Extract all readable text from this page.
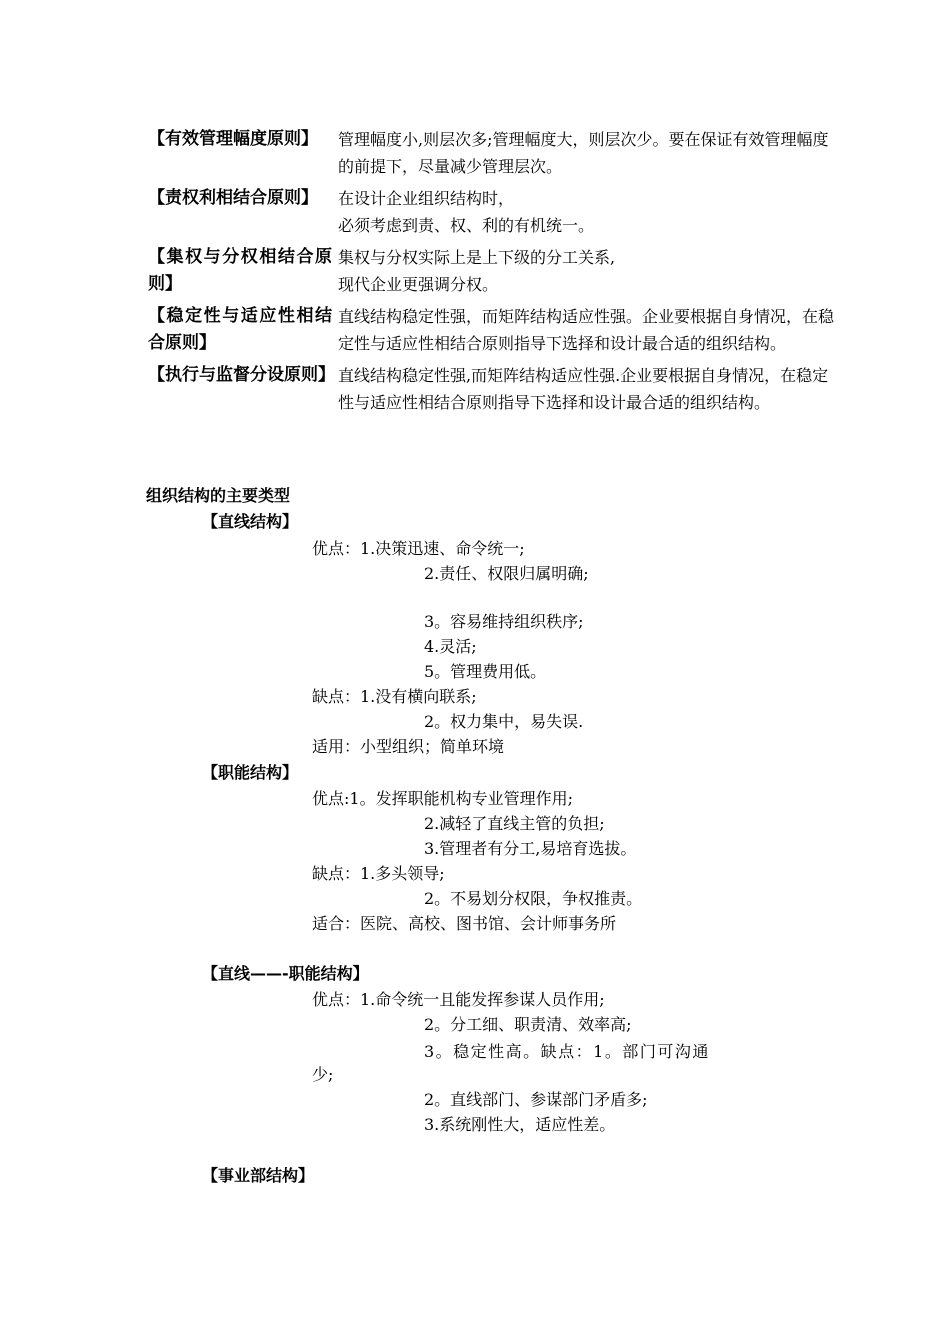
【有效管理幅度原则】	管理幅度小,则层次多;管理幅度大，则层次少。要在保证有效管理幅度的前提下，尽量减少管理层次。
【责权利相结合原则】	在设计企业组织结构时，
必须考虑到责、权、利的有机统一。
【集权与分权相结合原则】
集权与分权实际上是上下级的分工关系,
现代企业更强调分权。
【稳定性与适应性相结合原则】
直线结构稳定性强，而矩阵结构适应性强。企业要根据自身情况，在稳定性与适应性相结合原则指导下选择和设计最合适的组织结构。
【执行与监督分设原则】 直线结构稳定性强,而矩阵结构适应性强.企业要根据自身情况，在稳定性与适应性相结合原则指导下选择和设计最合适的组织结构。
组织结构的主要类型
【直线结构】
优点：1.决策迅速、命令统一;
2.责任、权限归属明确;
3。容易维持组织秩序;
4.灵活;
5。管理费用低。
缺点：1.没有横向联系;
2。权力集中，易失误.
适用：小型组织；简单环境
【职能结构】
优点:1。发挥职能机构专业管理作用;
2.减轻了直线主管的负担;
3.管理者有分工,易培育选拔。
缺点：1.多头领导;
2。不易划分权限，争权推责。
适合：医院、高校、图书馆、会计师事务所
【直线——-职能结构】
优点：1.命令统一且能发挥参谋人员作用;
2。分工细、职责清、效率高;
3。稳定性高。缺点：1。部门可沟通
少;
2。直线部门、参谋部门矛盾多;
3.系统刚性大，适应性差。
【事业部结构】
